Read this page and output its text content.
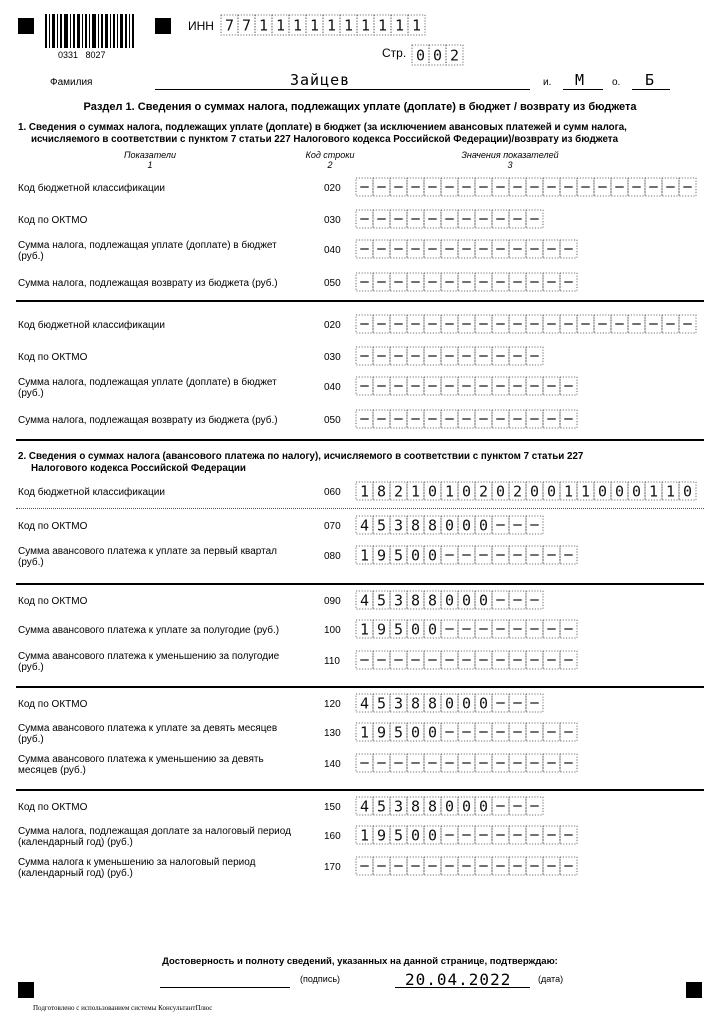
0331   8027
ИНН 7 7 1 1 1 1 1 1 1 1 1 1
Стр. 0 0 2
Фамилия	Зайцев	и. М	о. Б
Раздел 1. Сведения о суммах налога, подлежащих уплате (доплате) в бюджет / возврату из бюджета
1. Сведения о суммах налога, подлежащих уплате (доплате) в бюджет (за исключением авансовых платежей и сумм налога,
исчисляемого в соответствии с пунктом 7 статьи 227 Налогового кодекса Российской Федерации)/возврату из бюджета
Показатели
1
Код строки
2
Значения показателей
3
Код бюджетной классификации	020
Код по ОКТМО	030
Сумма налога, подлежащая уплате (доплате) в бюджет
(руб.)
040
Сумма налога, подлежащая возврату из бюджета (руб.)	050
Код бюджетной классификации	020
Код по ОКТМО	030
Сумма налога, подлежащая уплате (доплате) в бюджет
(руб.)
040
Сумма налога, подлежащая возврату из бюджета (руб.)	050
2. Сведения о суммах налога (авансового платежа по налогу), исчисляемого в соответствии с пунктом 7 статьи 227
Налогового кодекса Российской Федерации
Код бюджетной классификации	060 1 8 2 1 0 1 0 2 0 2 0 0 1 1 0 0 0 1 1 0
Код по ОКТМО	070 4 5 3 8 8 0 0 0
Сумма авансового платежа к уплате за первый квартал
(руб.)
080 1 9 5 0 0
Код по ОКТМО	090 4 5 3 8 8 0 0 0
Сумма авансового платежа к уплате за полугодие (руб.)	100 1 9 5 0 0
Сумма авансового платежа к уменьшению за полугодие
(руб.)
110
Код по ОКТМО	120 4 5 3 8 8 0 0 0
Сумма авансового платежа к уплате за девять месяцев
(руб.)
130 1 9 5 0 0
Сумма авансового платежа к уменьшению за девять
месяцев (руб.)
140
Код по ОКТМО	150 4 5 3 8 8 0 0 0
Сумма налога, подлежащая доплате за налоговый период
(календарный год) (руб.)
160 1 9 5 0 0
Сумма налога к уменьшению за налоговый период
(календарный год) (руб.)
170
Достоверность и полноту сведений, указанных на данной странице, подтверждаю:
(подпись)	20.04.2022	(дата)
Подготовлено с использованием системы КонсультантПлюс
